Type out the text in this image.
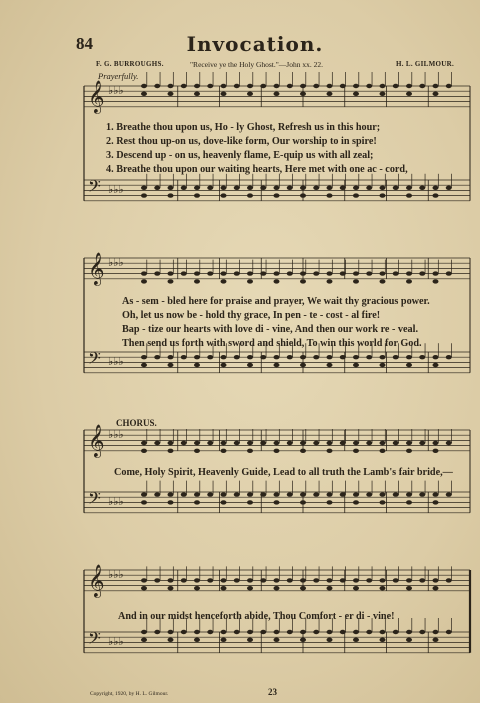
𝄞 ♭♭♭
𝄢 ♭♭♭
𝄞 ♭♭♭
𝄢 ♭♭♭
𝄞 ♭♭♭
𝄢 ♭♭♭
𝄞 ♭♭♭
𝄢 ♭♭♭
84	Invocation.
F. G. BURROUGHS.	"Receive ye the Holy Ghost."—John xx. 22.	H. L. GILMOUR.
Prayerfully.
1. Breathe thou upon us, Ho - ly Ghost, Refresh us in this hour;
2. Rest thou up-on us, dove-like form, Our worship to in spire!
3. Descend up - on us, heavenly flame, E-quip us with all zeal;
4. Breathe thou upon our waiting hearts, Here met with one ac - cord,
As - sem - bled here for praise and prayer, We wait thy gracious power.
Oh, let us now be - hold thy grace, In pen - te - cost - al fire!
Bap - tize our hearts with love di - vine, And then our work re - veal.
Then send us forth with sword and shield, To win this world for God.
CHORUS.
Come, Holy Spirit, Heavenly Guide, Lead to all truth the Lamb's fair bride,—
And in our midst henceforth abide, Thou Comfort - er di - vine!
Copyright, 1920, by H. L. Gilmour.	23
